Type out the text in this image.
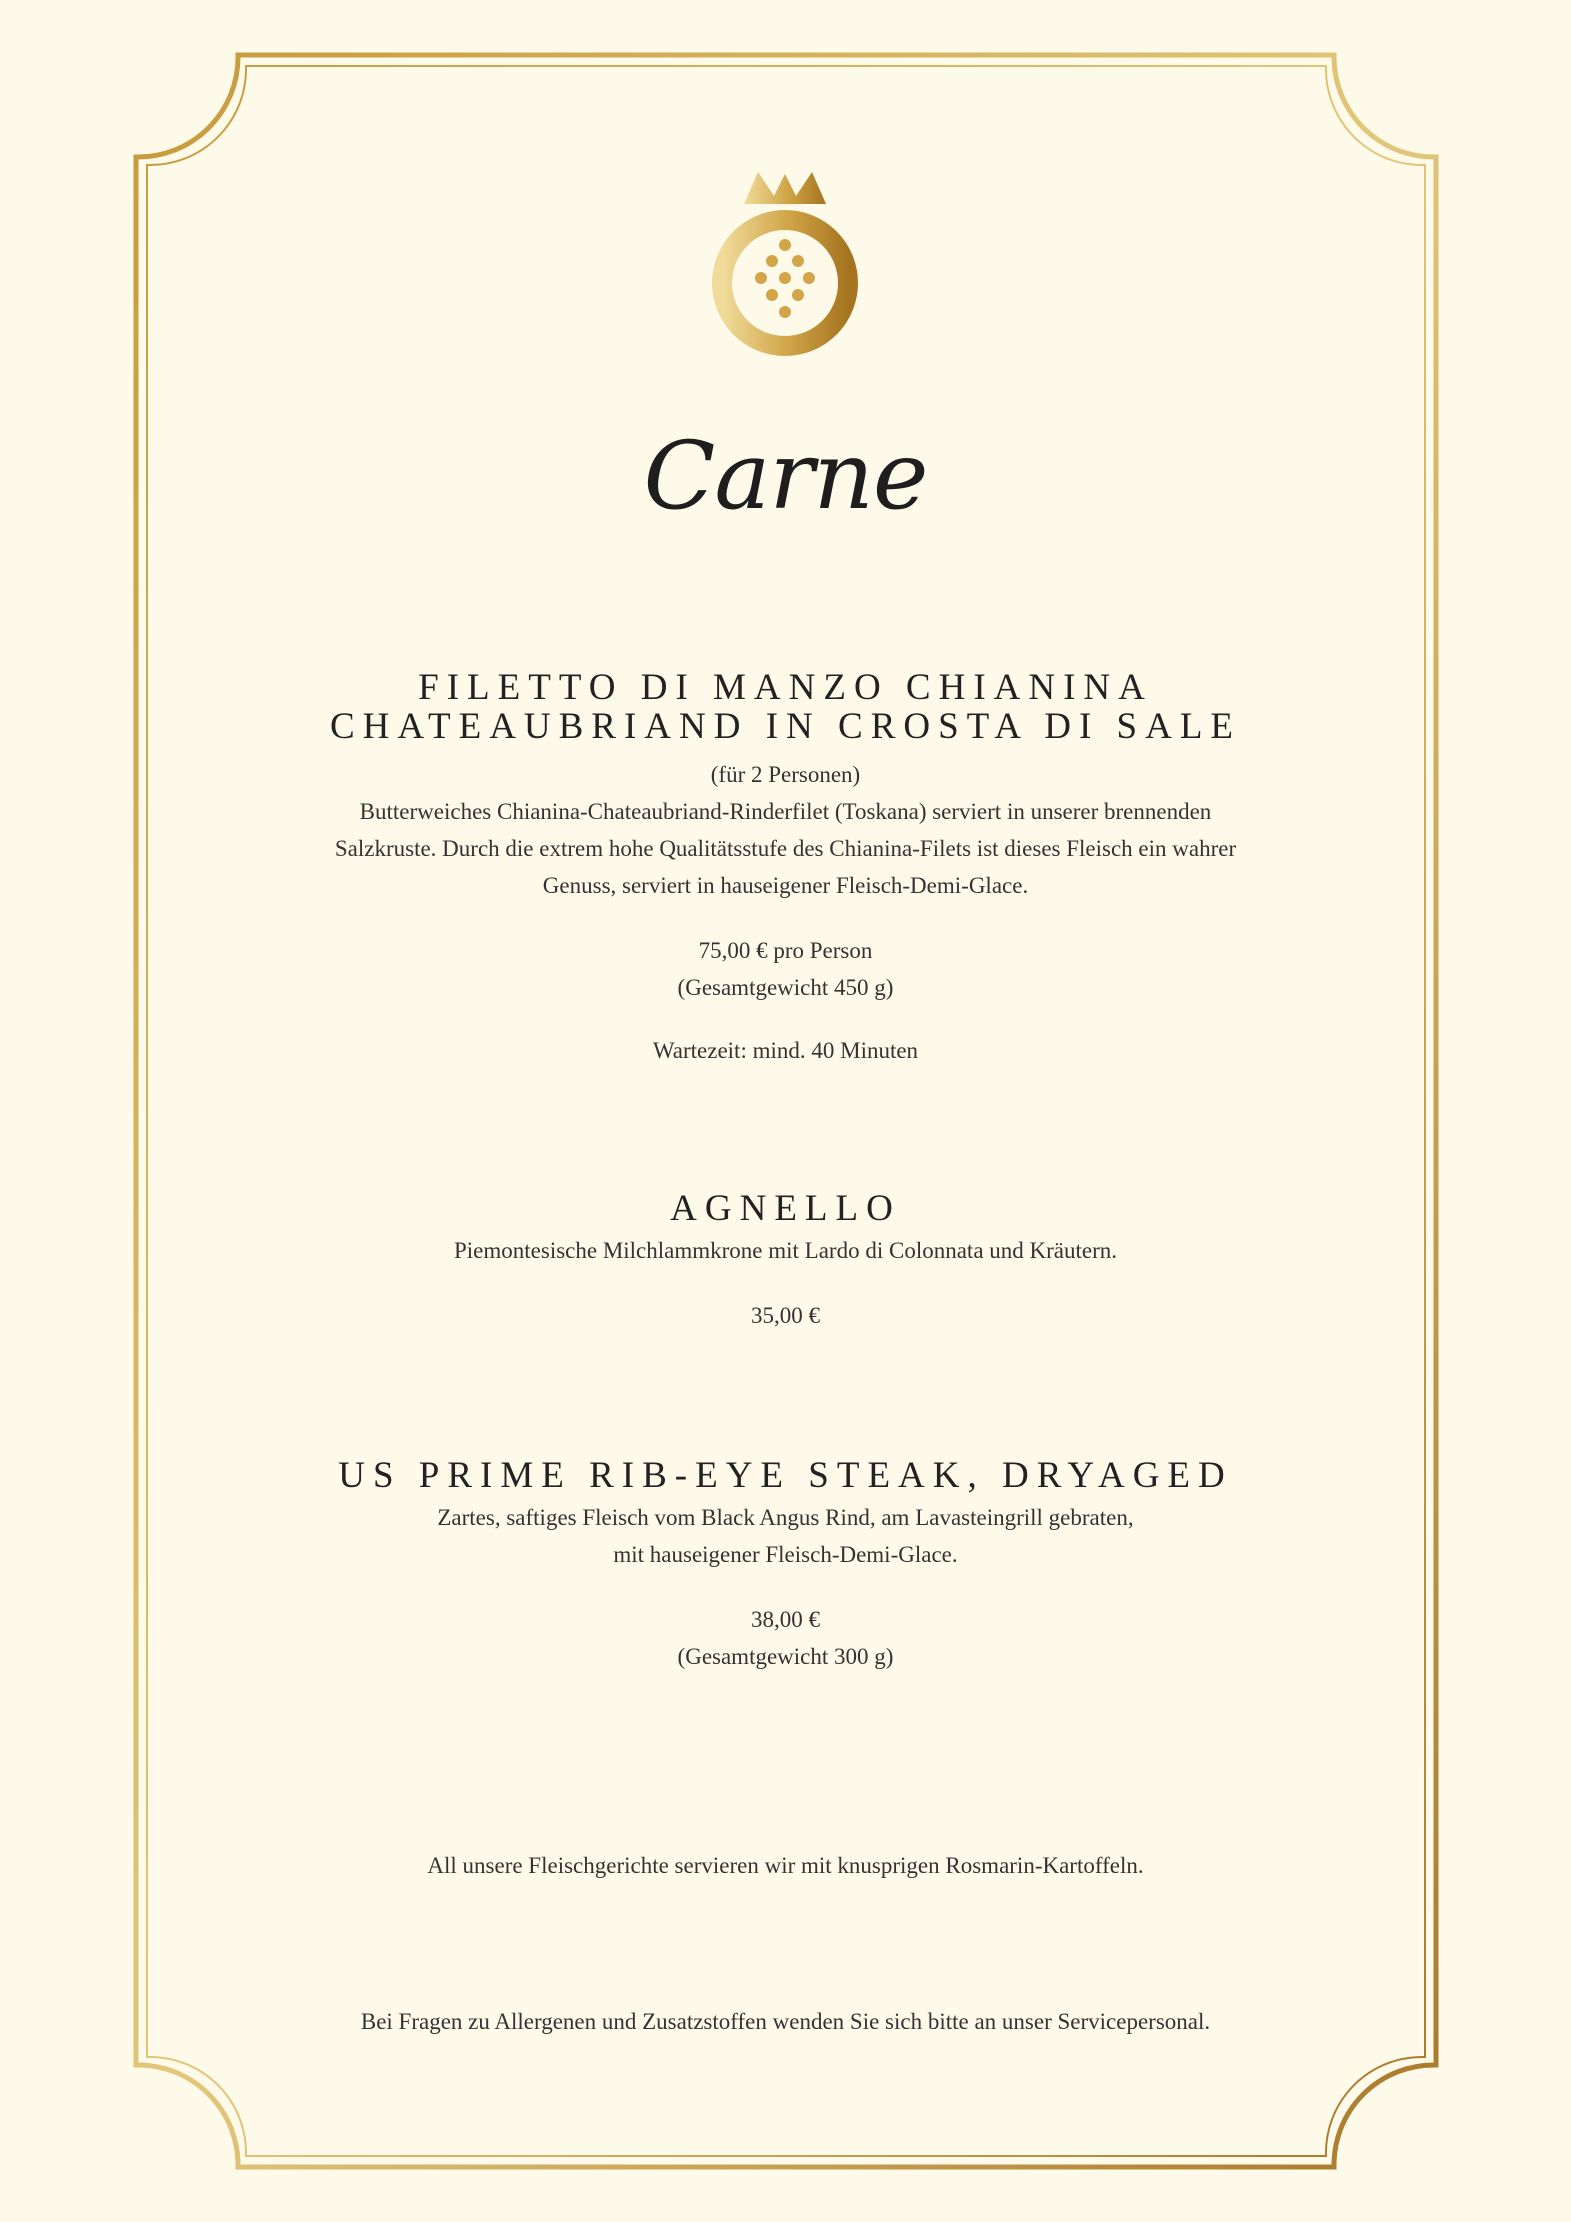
Carne

FILETTO DI MANZO CHIANINA

CHATEAUBRIAND IN CROSTA DI SALE

(für 2 Personen)

Butterweiches Chianina-Chateaubriand-Rinderfilet (Toskana) serviert in unserer brennenden

Salzkruste. Durch die extrem hohe Qualitätsstufe des Chianina-Filets ist dieses Fleisch ein wahrer

Genuss, serviert in hauseigener Fleisch-Demi-Glace.

75,00 € pro Person

(Gesamtgewicht 450 g)

Wartezeit: mind. 40 Minuten

AGNELLO

Piemontesische Milchlammkrone mit Lardo di Colonnata und Kräutern.

35,00 €

US PRIME RIB-EYE STEAK, DRYAGED

Zartes, saftiges Fleisch vom Black Angus Rind, am Lavasteingrill gebraten,

mit hauseigener Fleisch-Demi-Glace.

38,00 €

(Gesamtgewicht 300 g)

All unsere Fleischgerichte servieren wir mit knusprigen Rosmarin-Kartoffeln.

Bei Fragen zu Allergenen und Zusatzstoffen wenden Sie sich bitte an unser Servicepersonal.
